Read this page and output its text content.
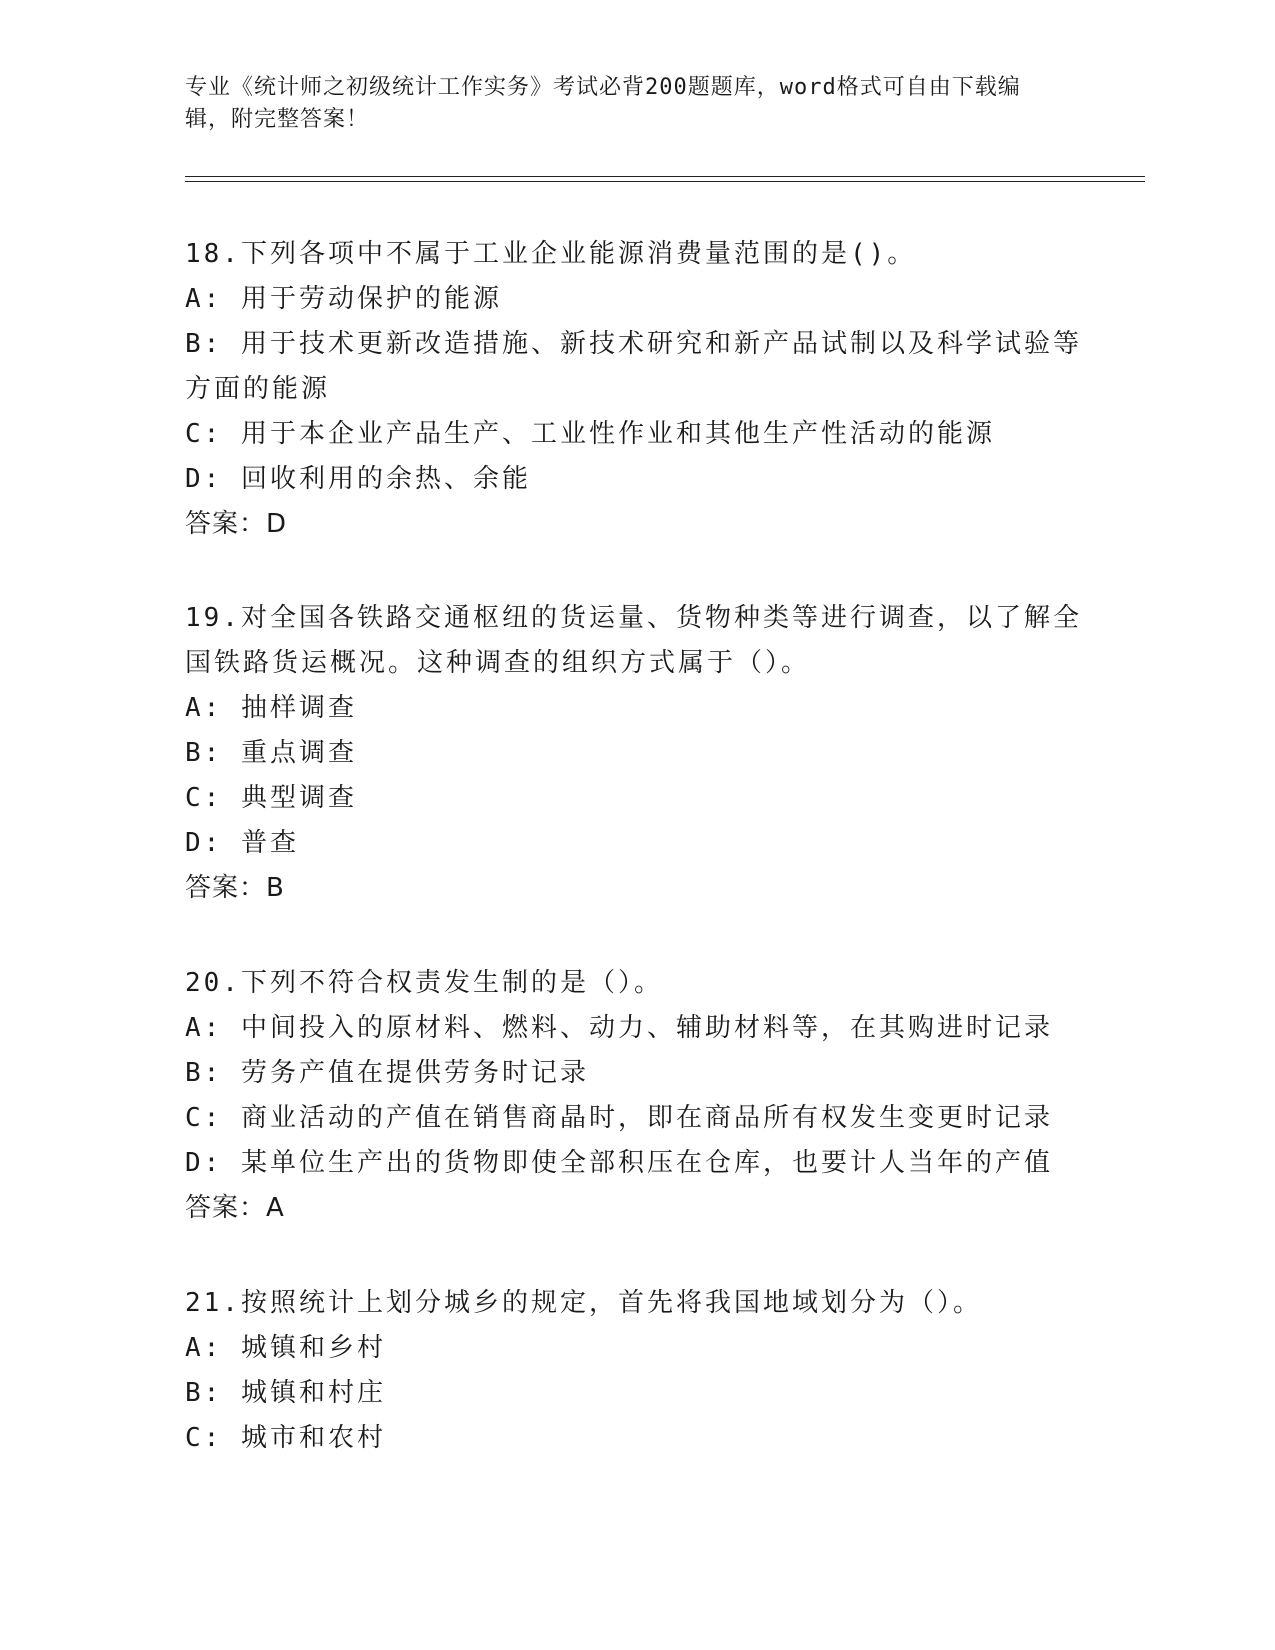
专业《统计师之初级统计工作实务》考试必背200题题库，word格式可自由下载编辑，附完整答案！

18.下列各项中不属于工业企业能源消费量范围的是()。

A: 用于劳动保护的能源

B: 用于技术更新改造措施、新技术研究和新产品试制以及科学试验等方面的能源

C: 用于本企业产品生产、工业性作业和其他生产性活动的能源

D: 回收利用的余热、余能

答案：D

19.对全国各铁路交通枢纽的货运量、货物种类等进行调查，以了解全国铁路货运概况。这种调查的组织方式属于（）。

A: 抽样调查

B: 重点调查

C: 典型调查

D: 普查

答案：B

20.下列不符合权责发生制的是（）。

A: 中间投入的原材料、燃料、动力、辅助材料等，在其购进时记录

B: 劳务产值在提供劳务时记录

C: 商业活动的产值在销售商晶时，即在商品所有权发生变更时记录

D: 某单位生产出的货物即使全部积压在仓库，也要计人当年的产值

答案：A

21.按照统计上划分城乡的规定，首先将我国地域划分为（）。

A: 城镇和乡村

B: 城镇和村庄

C: 城市和农村
